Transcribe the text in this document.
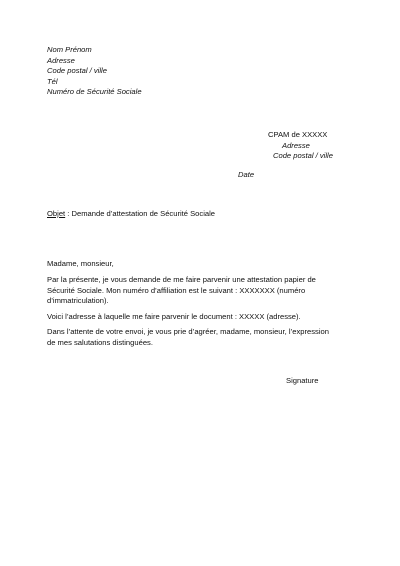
Nom Prénom
Adresse
Code postal / ville
Tél
Numéro de Sécurité Sociale
CPAM de XXXXX
Adresse
Code postal / ville
Date
Objet : Demande d’attestation de Sécurité Sociale

Madame, monsieur,

Par la présente, je vous demande de me faire parvenir une attestation papier de
Sécurité Sociale. Mon numéro d’affiliation est le suivant : XXXXXXX (numéro
d’immatriculation).
Voici l’adresse à laquelle me faire parvenir le document : XXXXX (adresse).
Dans l’attente de votre envoi, je vous prie d’agréer, madame, monsieur, l’expression
de mes salutations distinguées.
Signature
